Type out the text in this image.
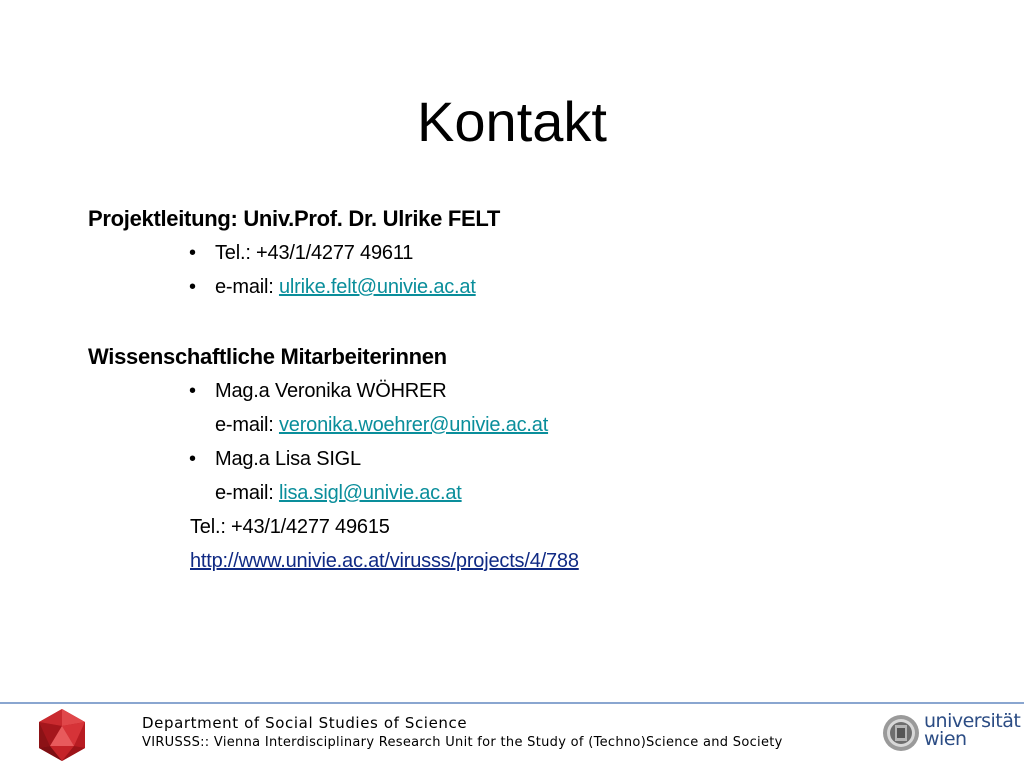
Kontakt
Projektleitung: Univ.Prof. Dr. Ulrike FELT
• Tel.: +43/1/4277 49611
• e-mail: ulrike.felt@univie.ac.at
Wissenschaftliche Mitarbeiterinnen
• Mag.a Veronika WÖHRER
e-mail: veronika.woehrer@univie.ac.at
• Mag.a Lisa SIGL
e-mail: lisa.sigl@univie.ac.at
Tel.: +43/1/4277 49615
http://www.univie.ac.at/virusss/projects/4/788
Department of Social Studies of Science
VIRUSSS:: Vienna Interdisciplinary Research Unit for the Study of (Techno)Science and Society
universität
wien
